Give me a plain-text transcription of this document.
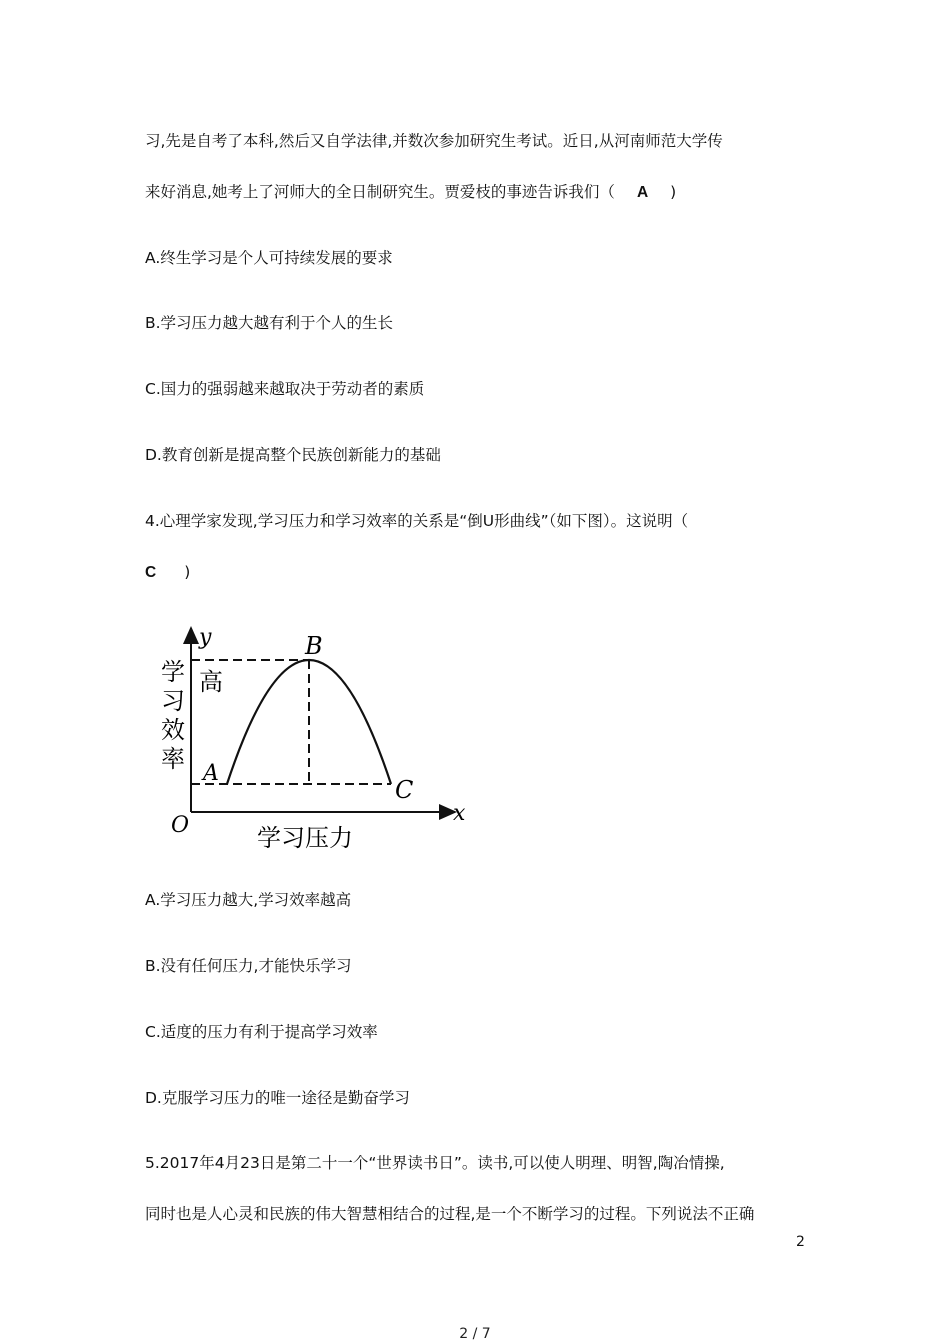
习,先是自考了本科,然后又自学法律,并数次参加研究生考试。近日,从河南师范大学传
来好消息,她考上了河师大的全日制研究生。贾爱枝的事迹告诉我们（ A )
A.终生学习是个人可持续发展的要求
B.学习压力越大越有利于个人的生长
C.国力的强弱越来越取决于劳动者的素质
D.教育创新是提高整个民族创新能力的基础
4.心理学家发现,学习压力和学习效率的关系是“倒U形曲线”（如下图）。这说明（
C )
y
x
O
A
B
C
学
习
效
率
高
学习压力
A.学习压力越大,学习效率越高
B.没有任何压力,才能快乐学习
C.适度的压力有利于提高学习效率
D.克服学习压力的唯一途径是勤奋学习
5.2017年4月23日是第二十一个“世界读书日”。读书,可以使人明理、明智,陶冶情操,
同时也是人心灵和民族的伟大智慧相结合的过程,是一个不断学习的过程。下列说法不正确
2
2 / 7
